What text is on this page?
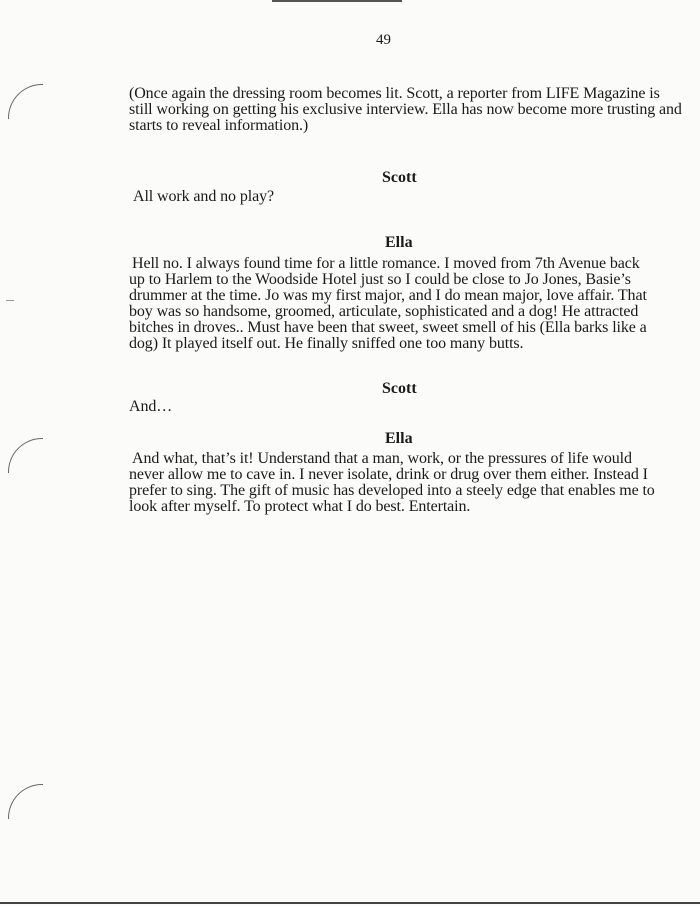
49
(Once again the dressing room becomes lit. Scott, a reporter from LIFE Magazine is
still working on getting his exclusive interview. Ella has now become more trusting and
starts to reveal information.)
Scott
All work and no play?
Ella
Hell no. I always found time for a little romance. I moved from 7th Avenue back
up to Harlem to the Woodside Hotel just so I could be close to Jo Jones, Basie’s
drummer at the time. Jo was my first major, and I do mean major, love affair. That
boy was so handsome, groomed, articulate, sophisticated and a dog! He attracted
bitches in droves.. Must have been that sweet, sweet smell of his (Ella barks like a
dog) It played itself out. He finally sniffed one too many butts.
Scott
And…
Ella
And what, that’s it! Understand that a man, work, or the pressures of life would
never allow me to cave in. I never isolate, drink or drug over them either. Instead I
prefer to sing. The gift of music has developed into a steely edge that enables me to
look after myself. To protect what I do best. Entertain.
